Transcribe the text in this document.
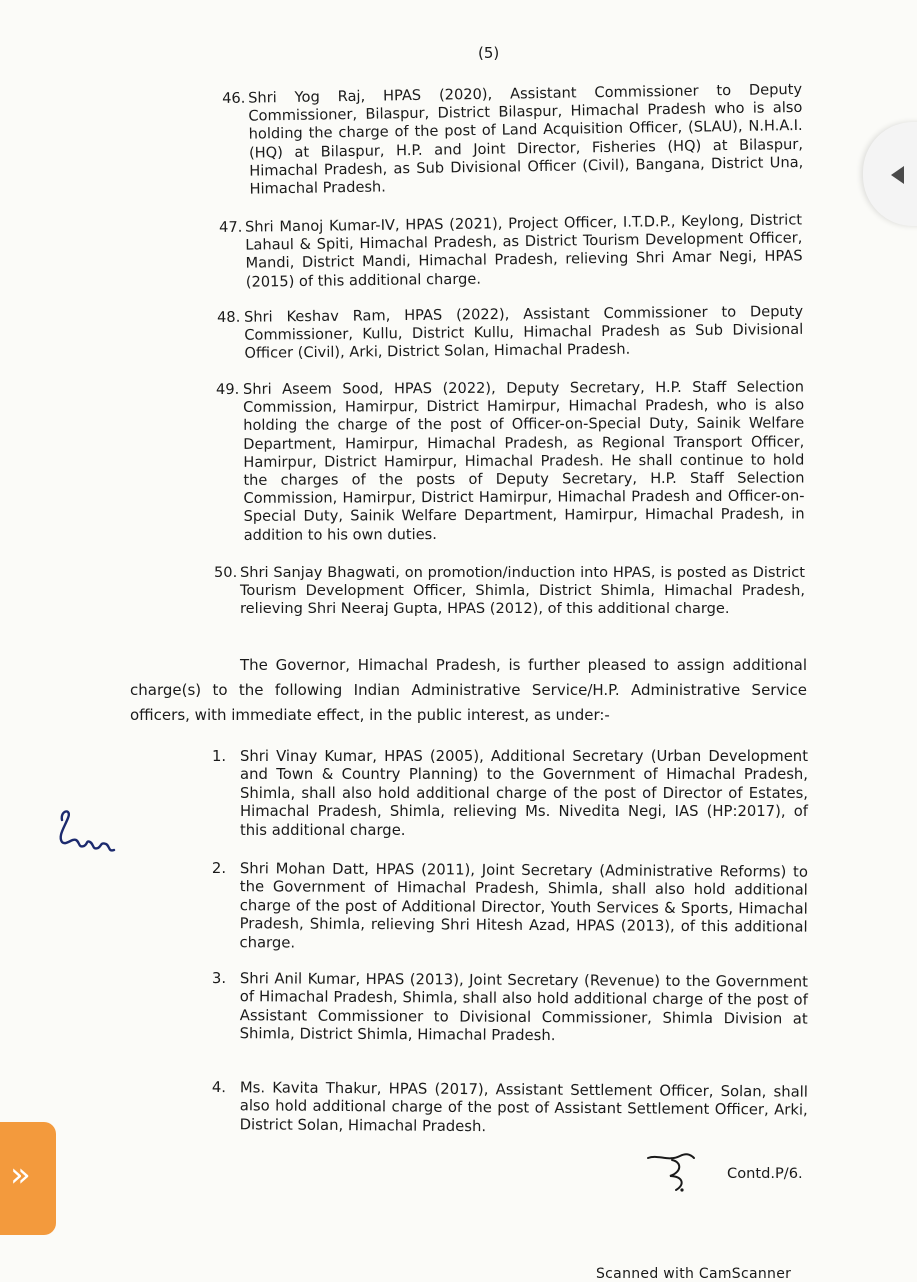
(5)
46. Shri Yog Raj, HPAS (2020), Assistant Commissioner to Deputy Commissioner, Bilaspur, District Bilaspur, Himachal Pradesh who is also holding the charge of the post of Land Acquisition Officer, (SLAU), N.H.A.I. (HQ) at Bilaspur, H.P. and Joint Director, Fisheries (HQ) at Bilaspur, Himachal Pradesh, as Sub Divisional Officer (Civil), Bangana, District Una, Himachal Pradesh.
47. Shri Manoj Kumar-IV, HPAS (2021), Project Officer, I.T.D.P., Keylong, District Lahaul & Spiti, Himachal Pradesh, as District Tourism Development Officer, Mandi, District Mandi, Himachal Pradesh, relieving Shri Amar Negi, HPAS (2015) of this additional charge.
48. Shri Keshav Ram, HPAS (2022), Assistant Commissioner to Deputy Commissioner, Kullu, District Kullu, Himachal Pradesh as Sub Divisional Officer (Civil), Arki, District Solan, Himachal Pradesh.
49. Shri Aseem Sood, HPAS (2022), Deputy Secretary, H.P. Staff Selection Commission, Hamirpur, District Hamirpur, Himachal Pradesh, who is also holding the charge of the post of Officer-on-Special Duty, Sainik Welfare Department, Hamirpur, Himachal Pradesh, as Regional Transport Officer, Hamirpur, District Hamirpur, Himachal Pradesh. He shall continue to hold the charges of the posts of Deputy Secretary, H.P. Staff Selection Commission, Hamirpur, District Hamirpur, Himachal Pradesh and Officer-on-Special Duty, Sainik Welfare Department, Hamirpur, Himachal Pradesh, in addition to his own duties.
50. Shri Sanjay Bhagwati, on promotion/induction into HPAS, is posted as District Tourism Development Officer, Shimla, District Shimla, Himachal Pradesh, relieving Shri Neeraj Gupta, HPAS (2012), of this additional charge.
The Governor, Himachal Pradesh, is further pleased to assign additional charge(s) to the following Indian Administrative Service/H.P. Administrative Service officers, with immediate effect, in the public interest, as under:-
1. Shri Vinay Kumar, HPAS (2005), Additional Secretary (Urban Development and Town & Country Planning) to the Government of Himachal Pradesh, Shimla, shall also hold additional charge of the post of Director of Estates, Himachal Pradesh, Shimla, relieving Ms. Nivedita Negi, IAS (HP:2017), of this additional charge.
2. Shri Mohan Datt, HPAS (2011), Joint Secretary (Administrative Reforms) to the Government of Himachal Pradesh, Shimla, shall also hold additional charge of the post of Additional Director, Youth Services & Sports, Himachal Pradesh, Shimla, relieving Shri Hitesh Azad, HPAS (2013), of this additional charge.
3. Shri Anil Kumar, HPAS (2013), Joint Secretary (Revenue) to the Government of Himachal Pradesh, Shimla, shall also hold additional charge of the post of Assistant Commissioner to Divisional Commissioner, Shimla Division at Shimla, District Shimla, Himachal Pradesh.
4. Ms. Kavita Thakur, HPAS (2017), Assistant Settlement Officer, Solan, shall also hold additional charge of the post of Assistant Settlement Officer, Arki, District Solan, Himachal Pradesh.
Contd.P/6.
Scanned with CamScanner
»
